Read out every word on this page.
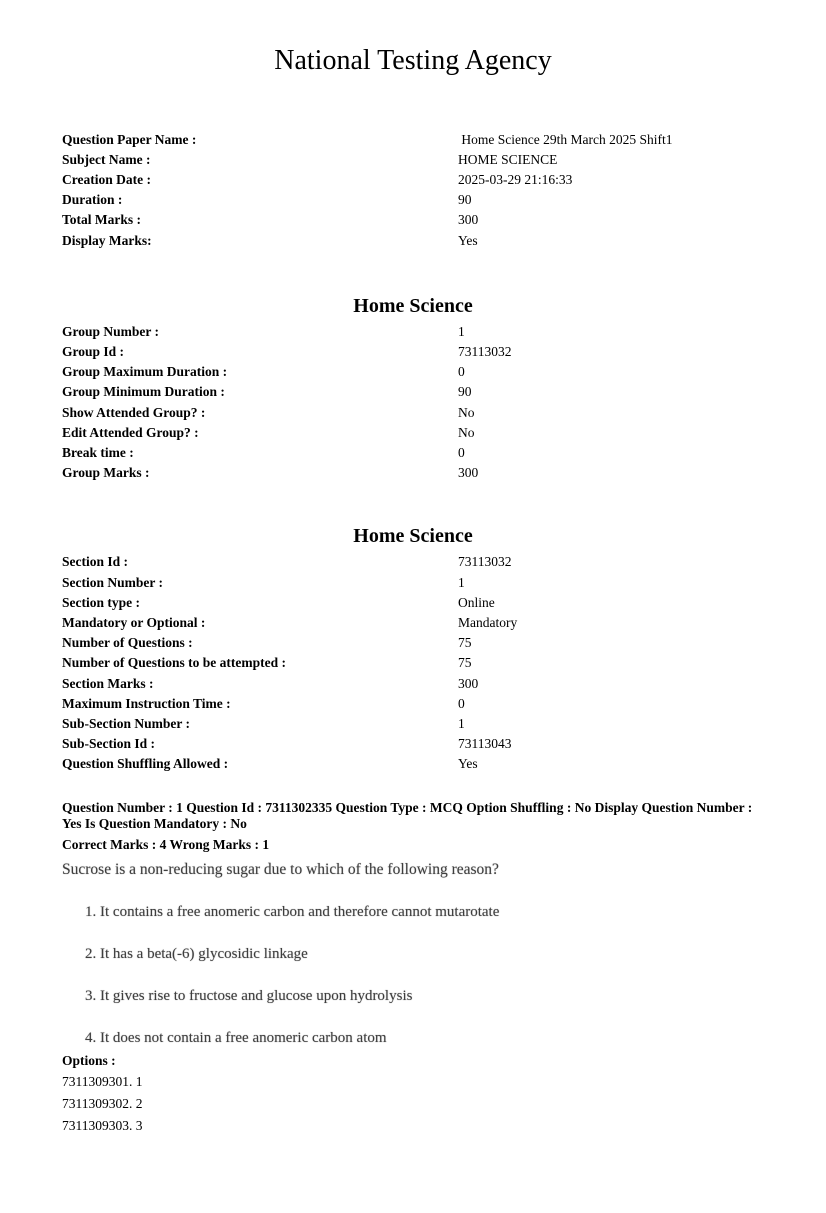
National Testing Agency
Question Paper Name :	Home Science 29th March 2025 Shift1
Subject Name :	HOME SCIENCE
Creation Date :	2025-03-29 21:16:33
Duration :	90
Total Marks :	300
Display Marks:	Yes
Home Science
Group Number :	1
Group Id :	73113032
Group Maximum Duration :	0
Group Minimum Duration :	90
Show Attended Group? :	No
Edit Attended Group? :	No
Break time :	0
Group Marks :	300
Home Science
Section Id :	73113032
Section Number :	1
Section type :	Online
Mandatory or Optional :	Mandatory
Number of Questions :	75
Number of Questions to be attempted :	75
Section Marks :	300
Maximum Instruction Time :	0
Sub-Section Number :	1
Sub-Section Id :	73113043
Question Shuffling Allowed :	Yes

Question Number : 1 Question Id : 7311302335 Question Type : MCQ Option Shuffling : No Display Question Number : Yes Is Question Mandatory : No

Correct Marks : 4 Wrong Marks : 1

Sucrose is a non-reducing sugar due to which of the following reason?

1. It contains a free anomeric carbon and therefore cannot mutarotate

2. It has a beta(-6) glycosidic linkage

3. It gives rise to fructose and glucose upon hydrolysis

4. It does not contain a free anomeric carbon atom

Options :

7311309301. 1

7311309302. 2

7311309303. 3
